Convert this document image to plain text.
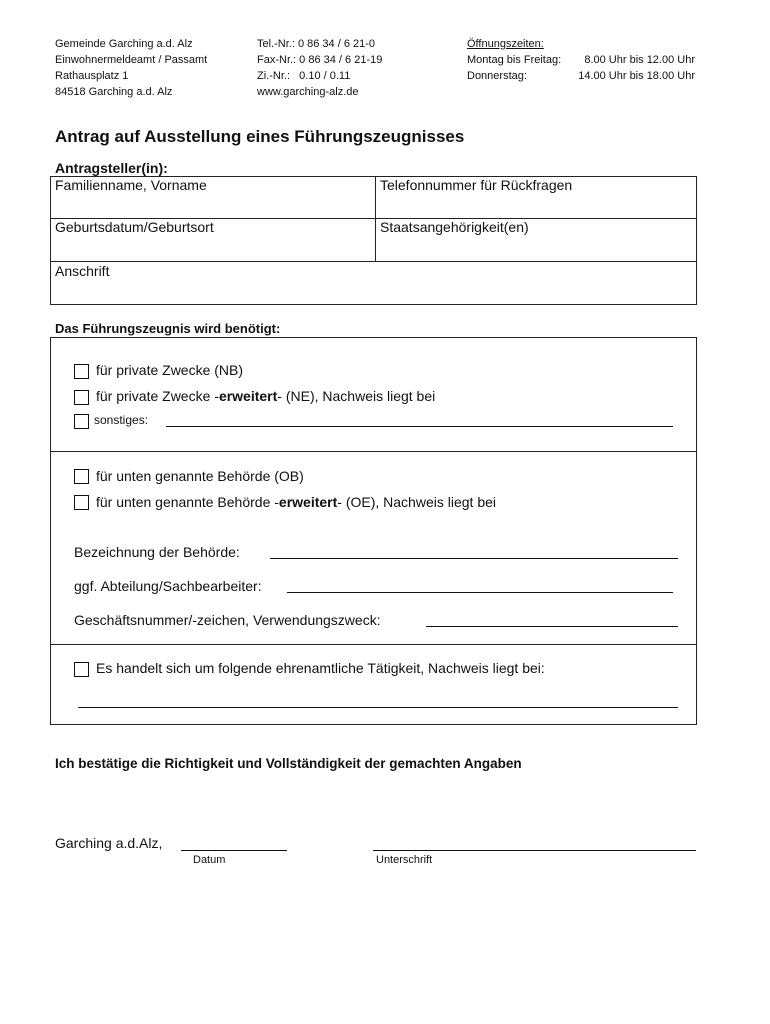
Gemeinde Garching a.d. Alz
Einwohnermeldeamt / Passamt
Rathausplatz 1
84518 Garching a.d. Alz
Tel.-Nr.: 0 86 34 / 6 21-0
Fax-Nr.: 0 86 34 / 6 21-19
Zi.-Nr.:   0.10 / 0.11
www.garching-alz.de
Öffnungszeiten:
Montag bis Freitag: 8.00 Uhr bis 12.00 Uhr
Donnerstag:	14.00 Uhr bis 18.00 Uhr
Antrag auf Ausstellung eines Führungszeugnisses
Antragsteller(in):
Familienname, Vorname	Telefonnummer für Rückfragen
Geburtsdatum/Geburtsort	Staatsangehörigkeit(en)
Anschrift
Das Führungszeugnis wird benötigt:
für private Zwecke (NB)
für private Zwecke -erweitert- (NE), Nachweis liegt bei
sonstiges:
für unten genannte Behörde (OB)
für unten genannte Behörde -erweitert- (OE), Nachweis liegt bei
Bezeichnung der Behörde:
ggf. Abteilung/Sachbearbeiter:
Geschäftsnummer/-zeichen, Verwendungszweck:
Es handelt sich um folgende ehrenamtliche Tätigkeit, Nachweis liegt bei:
Ich bestätige die Richtigkeit und Vollständigkeit der gemachten Angaben
Garching a.d.Alz,
Datum	Unterschrift
